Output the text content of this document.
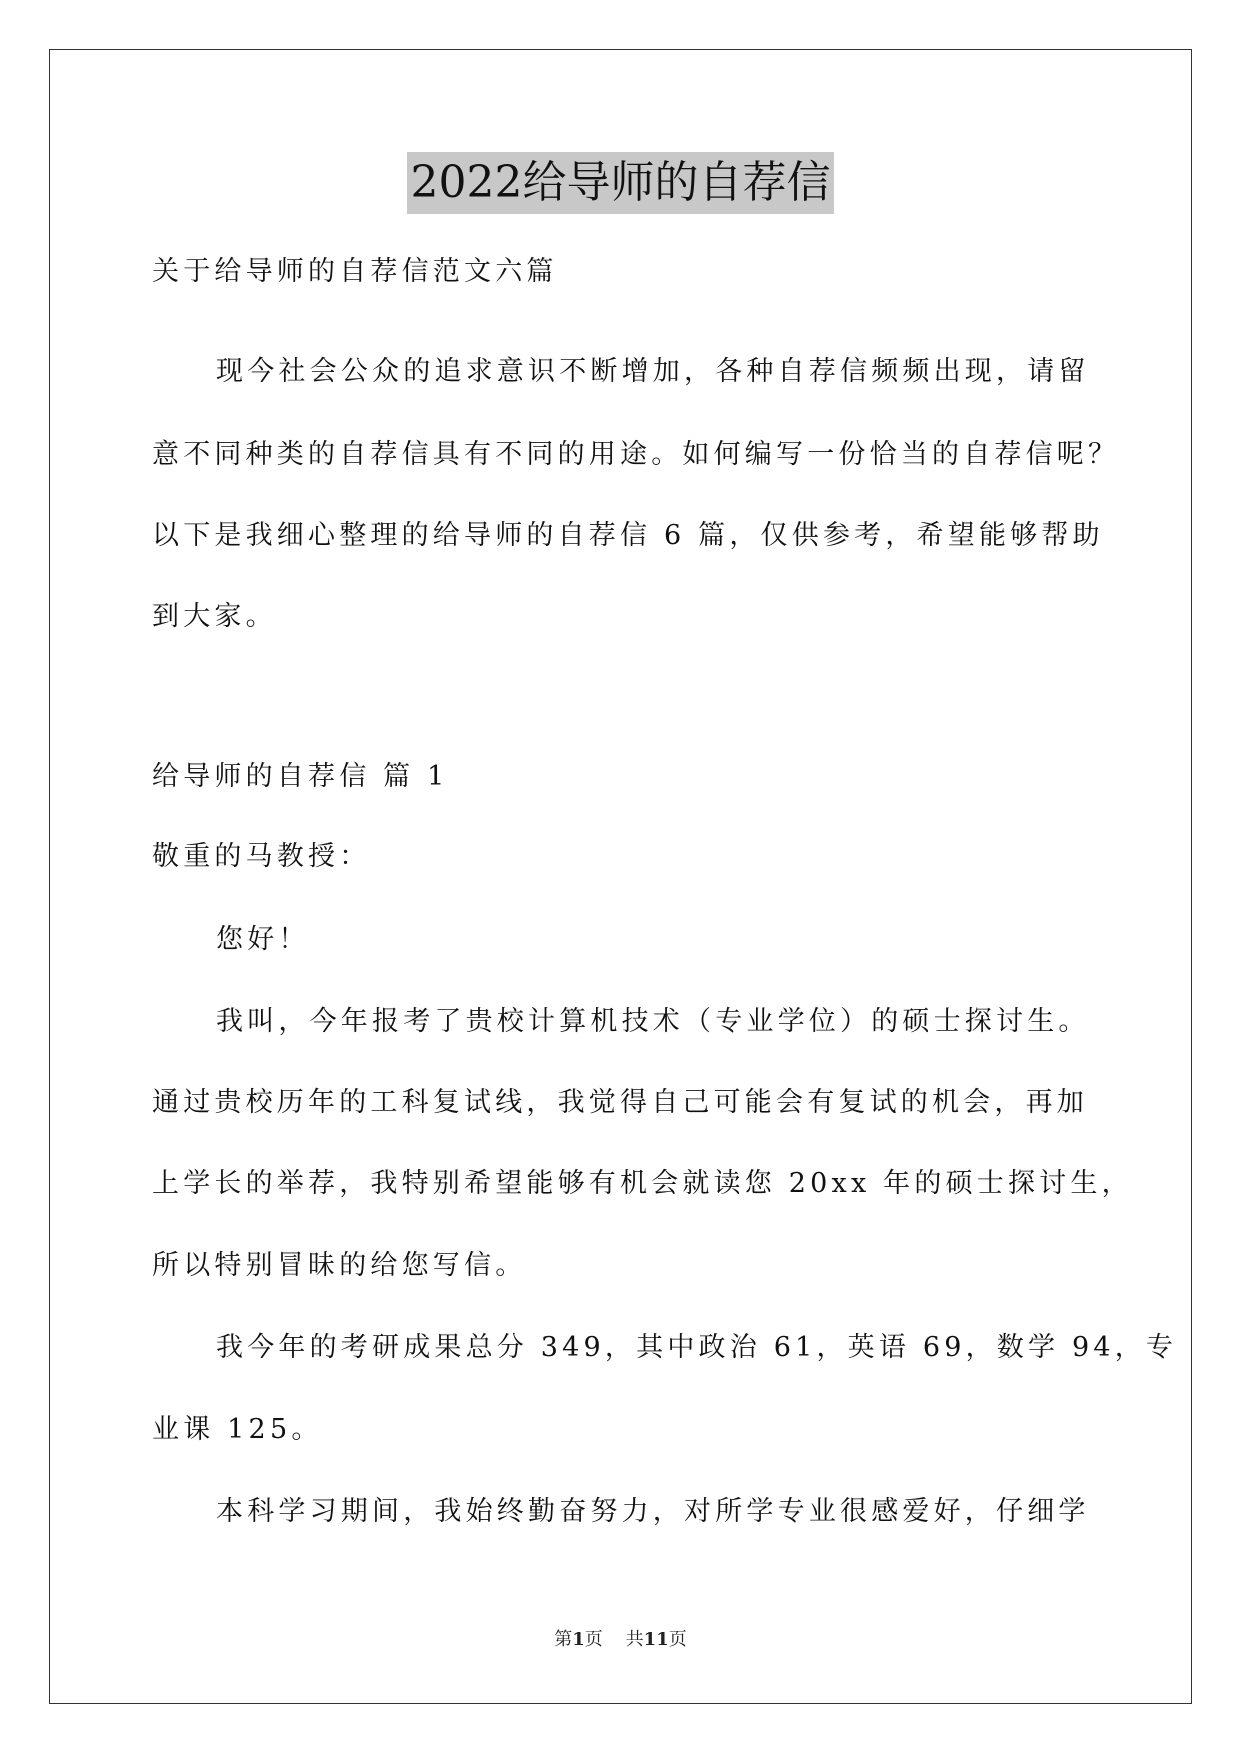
2022给导师的自荐信
关于给导师的自荐信范文六篇
现今社会公众的追求意识不断增加，各种自荐信频频出现，请留
意不同种类的自荐信具有不同的用途。如何编写一份恰当的自荐信呢？
以下是我细心整理的给导师的自荐信 6 篇，仅供参考，希望能够帮助
到大家。
给导师的自荐信 篇 1
敬重的马教授：
您好！
我叫，今年报考了贵校计算机技术（专业学位）的硕士探讨生。
通过贵校历年的工科复试线，我觉得自己可能会有复试的机会，再加
上学长的举荐，我特别希望能够有机会就读您 20xx 年的硕士探讨生，
所以特别冒昧的给您写信。
我今年的考研成果总分 349，其中政治 61，英语 69，数学 94，专
业课 125。
本科学习期间，我始终勤奋努力，对所学专业很感爱好，仔细学
第1页 共11页
